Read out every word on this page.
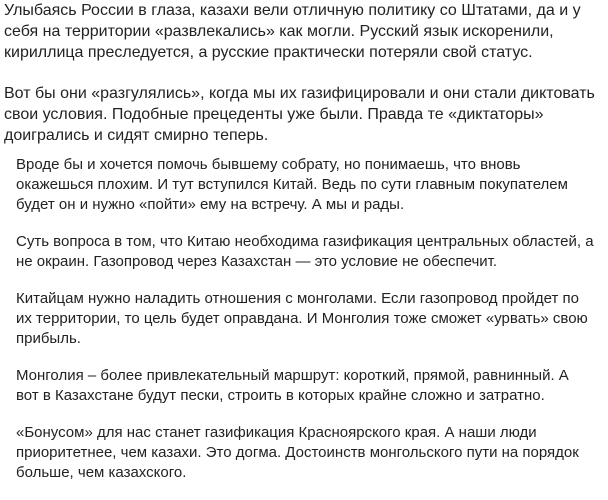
Улыбаясь России в глаза, казахи вели отличную политику со Штатами, да и у себя на территории «развлекались» как могли. Русский язык искоренили, кириллица преследуется, а русские практически потеряли свой статус.

Вот бы они «разгулялись», когда мы их газифицировали и они стали диктовать свои условия. Подобные прецеденты уже были. Правда те «диктаторы» доигрались и сидят смирно теперь.

Вроде бы и хочется помочь бывшему собрату, но понимаешь, что вновь окажешься плохим. И тут вступился Китай. Ведь по сути главным покупателем будет он и нужно «пойти» ему на встречу. А мы и рады.

Суть вопроса в том, что Китаю необходима газификация центральных областей, а не окраин. Газопровод через Казахстан — это условие не обеспечит.

Китайцам нужно наладить отношения с монголами. Если газопровод пройдет по их территории, то цель будет оправдана. И Монголия тоже сможет «урвать» свою прибыль.

Монголия – более привлекательный маршрут: короткий, прямой, равнинный. А вот в Казахстане будут пески, строить в которых крайне сложно и затратно.

«Бонусом» для нас станет газификация Красноярского края. А наши люди приоритетнее, чем казахи. Это догма. Достоинств монгольского пути на порядок больше, чем казахского.
